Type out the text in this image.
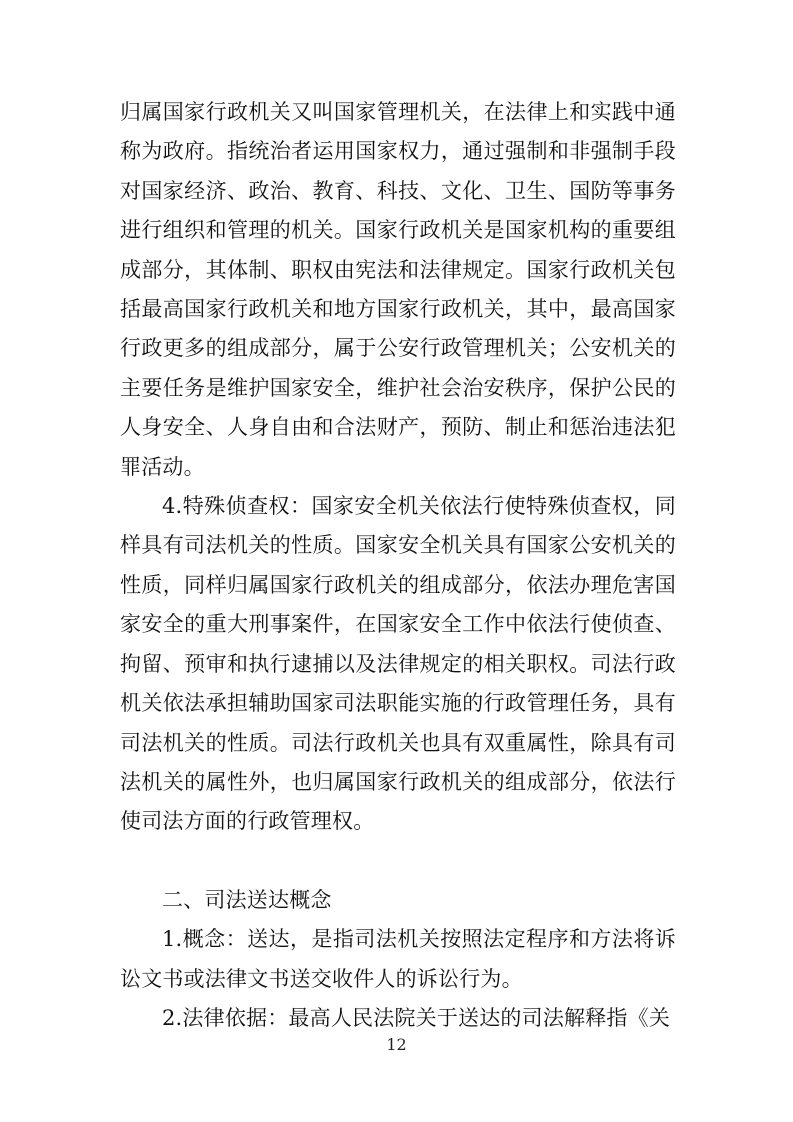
归属国家行政机关又叫国家管理机关，在法律上和实践中通称为政府。指统治者运用国家权力，通过强制和非强制手段对国家经济、政治、教育、科技、文化、卫生、国防等事务进行组织和管理的机关。国家行政机关是国家机构的重要组成部分，其体制、职权由宪法和法律规定。国家行政机关包括最高国家行政机关和地方国家行政机关，其中，最高国家行政更多的组成部分，属于公安行政管理机关；公安机关的主要任务是维护国家安全，维护社会治安秩序，保护公民的人身安全、人身自由和合法财产，预防、制止和惩治违法犯罪活动。

4.特殊侦查权：国家安全机关依法行使特殊侦查权，同样具有司法机关的性质。国家安全机关具有国家公安机关的性质，同样归属国家行政机关的组成部分，依法办理危害国家安全的重大刑事案件，在国家安全工作中依法行使侦查、拘留、预审和执行逮捕以及法律规定的相关职权。司法行政机关依法承担辅助国家司法职能实施的行政管理任务，具有司法机关的性质。司法行政机关也具有双重属性，除具有司法机关的属性外，也归属国家行政机关的组成部分，依法行使司法方面的行政管理权。

二、司法送达概念

1.概念：送达，是指司法机关按照法定程序和方法将诉讼文书或法律文书送交收件人的诉讼行为。

2.法律依据：最高人民法院关于送达的司法解释指《关

12
